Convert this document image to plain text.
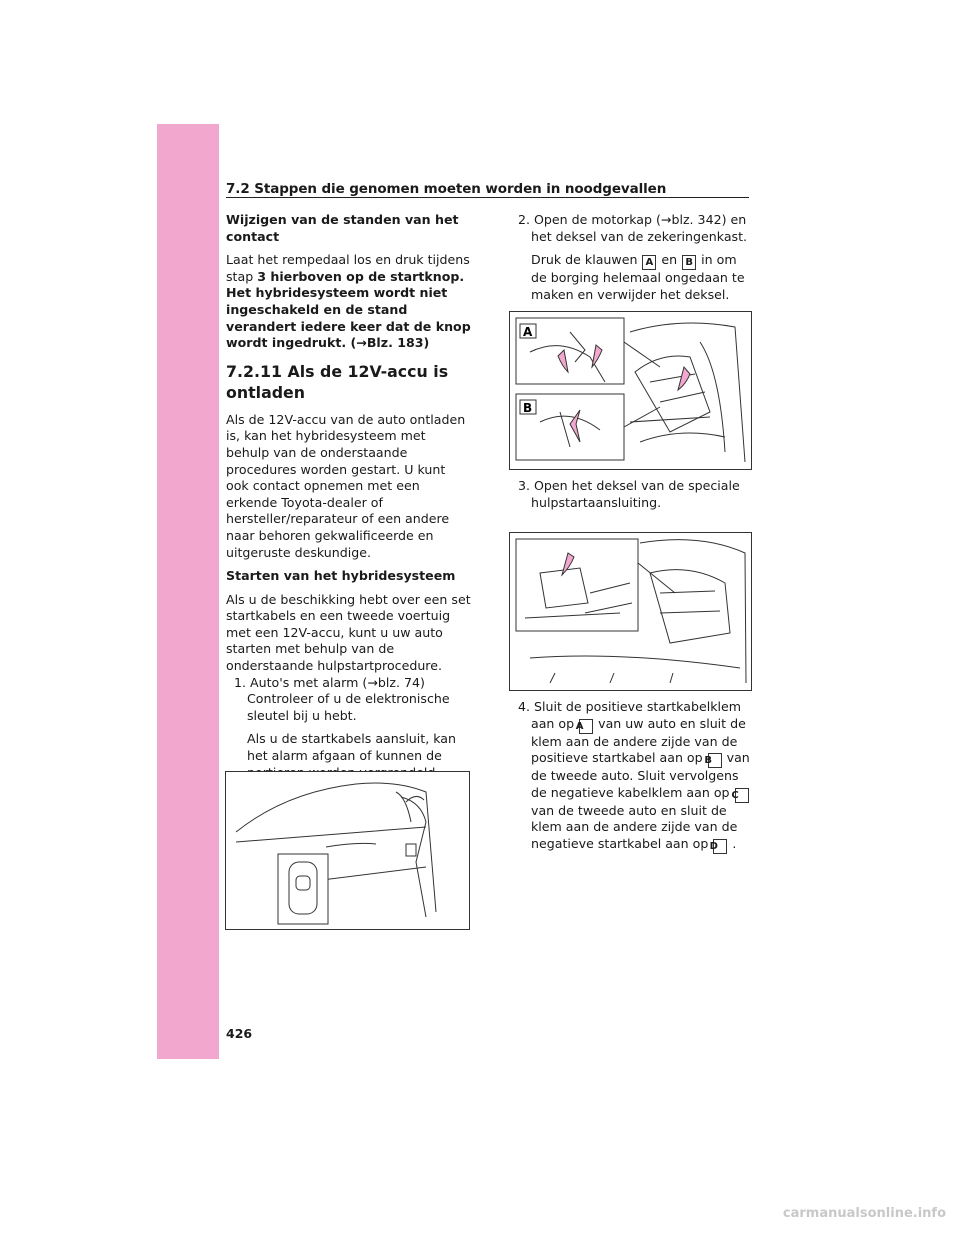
7.2 Stappen die genomen moeten worden in noodgevallen

Wijzigen van de standen van het contact

Laat het rempedaal los en druk tijdens stap 3 hierboven op de startknop. Het hybridesysteem wordt niet ingeschakeld en de stand verandert iedere keer dat de knop wordt ingedrukt. (→Blz. 183)

7.2.11 Als de 12V-accu is ontladen

Als de 12V-accu van de auto ontladen is, kan het hybridesysteem met behulp van de onderstaande procedures worden gestart. U kunt ook contact opnemen met een erkende Toyota-dealer of hersteller/reparateur of een andere naar behoren gekwalificeerde en uitgeruste deskundige.

Starten van het hybridesysteem

Als u de beschikking hebt over een set startkabels en een tweede voertuig met een 12V-accu, kunt u uw auto starten met behulp van de onderstaande hulpstartprocedure.

1. Auto's met alarm (→blz. 74) Controleer of u de elektronische sleutel bij u hebt.

Als u de startkabels aansluit, kan het alarm afgaan of kunnen de

2. Open de motorkap (→blz. 342) en het deksel van de zekeringenkast.

Druk de klauwen A en B in om de borging helemaal ongedaan te maken en verwijder het deksel.

3. Open het deksel van de speciale hulpstartaansluiting.

4. Sluit de positieve startkabelklem aan op A van uw auto en sluit de klem aan de andere zijde van de positieve startkabel aan op B van de tweede auto. Sluit vervolgens de negatieve kabelklem aan op Cvan de tweede auto en sluit de klem aan de andere zijde van de negatieve startkabel aan opD .

A
B
426
carmanualsonline.info
